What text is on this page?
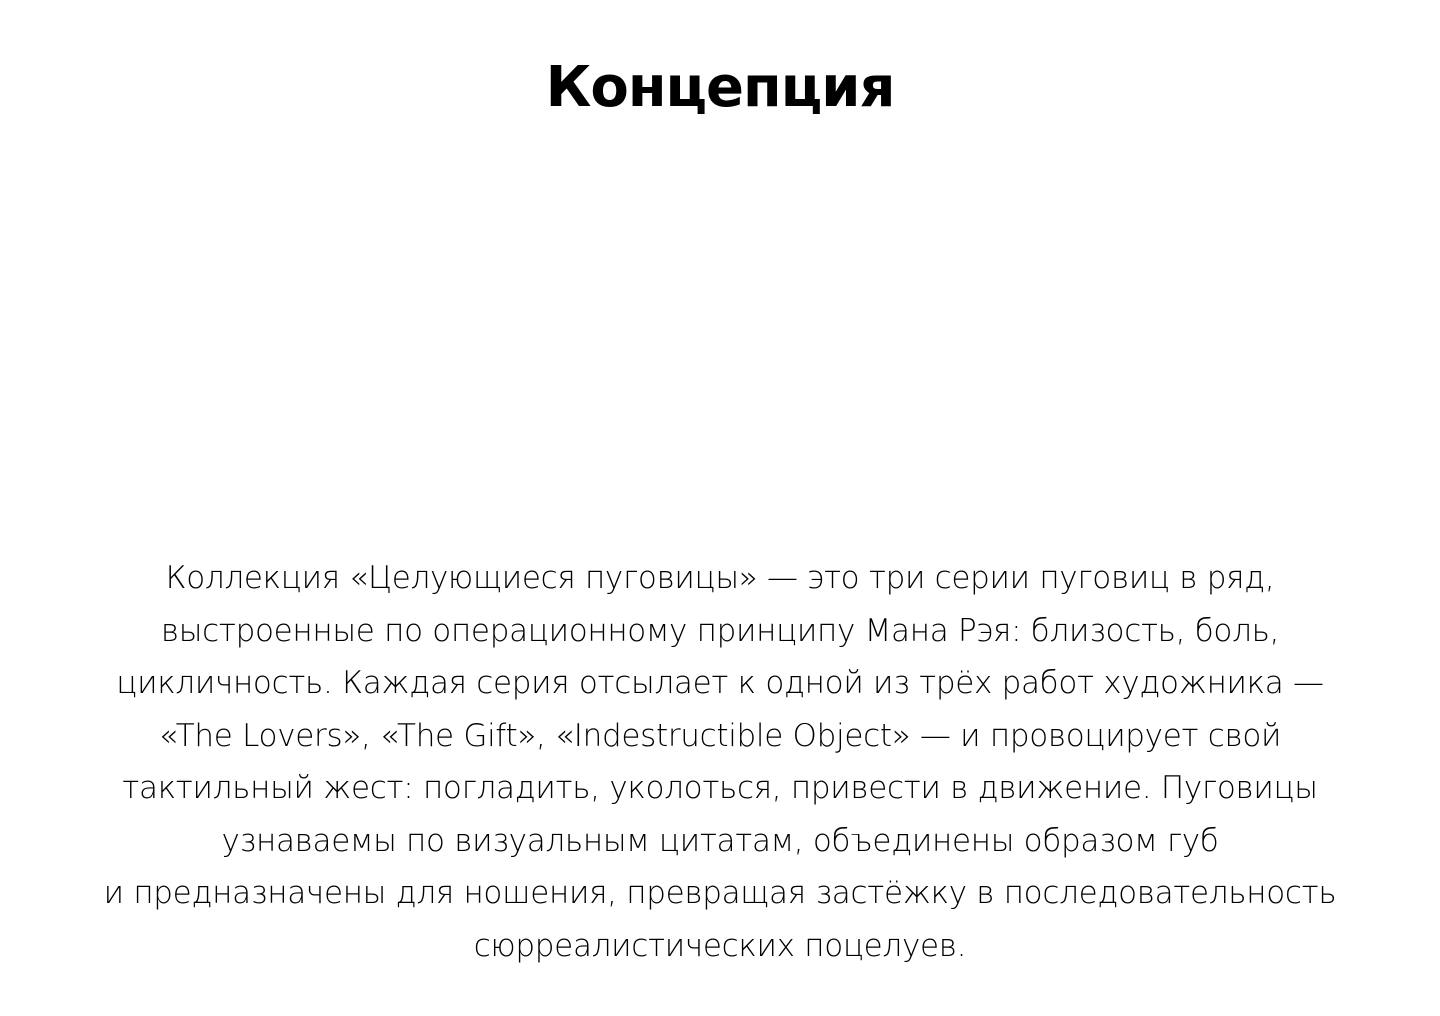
Концепция

Коллекция «Целующиеся пуговицы» — это три серии пуговиц в ряд,
выстроенные по операционному принципу Мана Рэя: близость, боль,
цикличность. Каждая серия отсылает к одной из трёх работ художника —
«The Lovers», «The Gift», «Indestructible Object» — и провоцирует свой
тактильный жест: погладить, уколоться, привести в движение. Пуговицы
узнаваемы по визуальным цитатам, объединены образом губ
и предназначены для ношения, превращая застёжку в последовательность
сюрреалистических поцелуев.
